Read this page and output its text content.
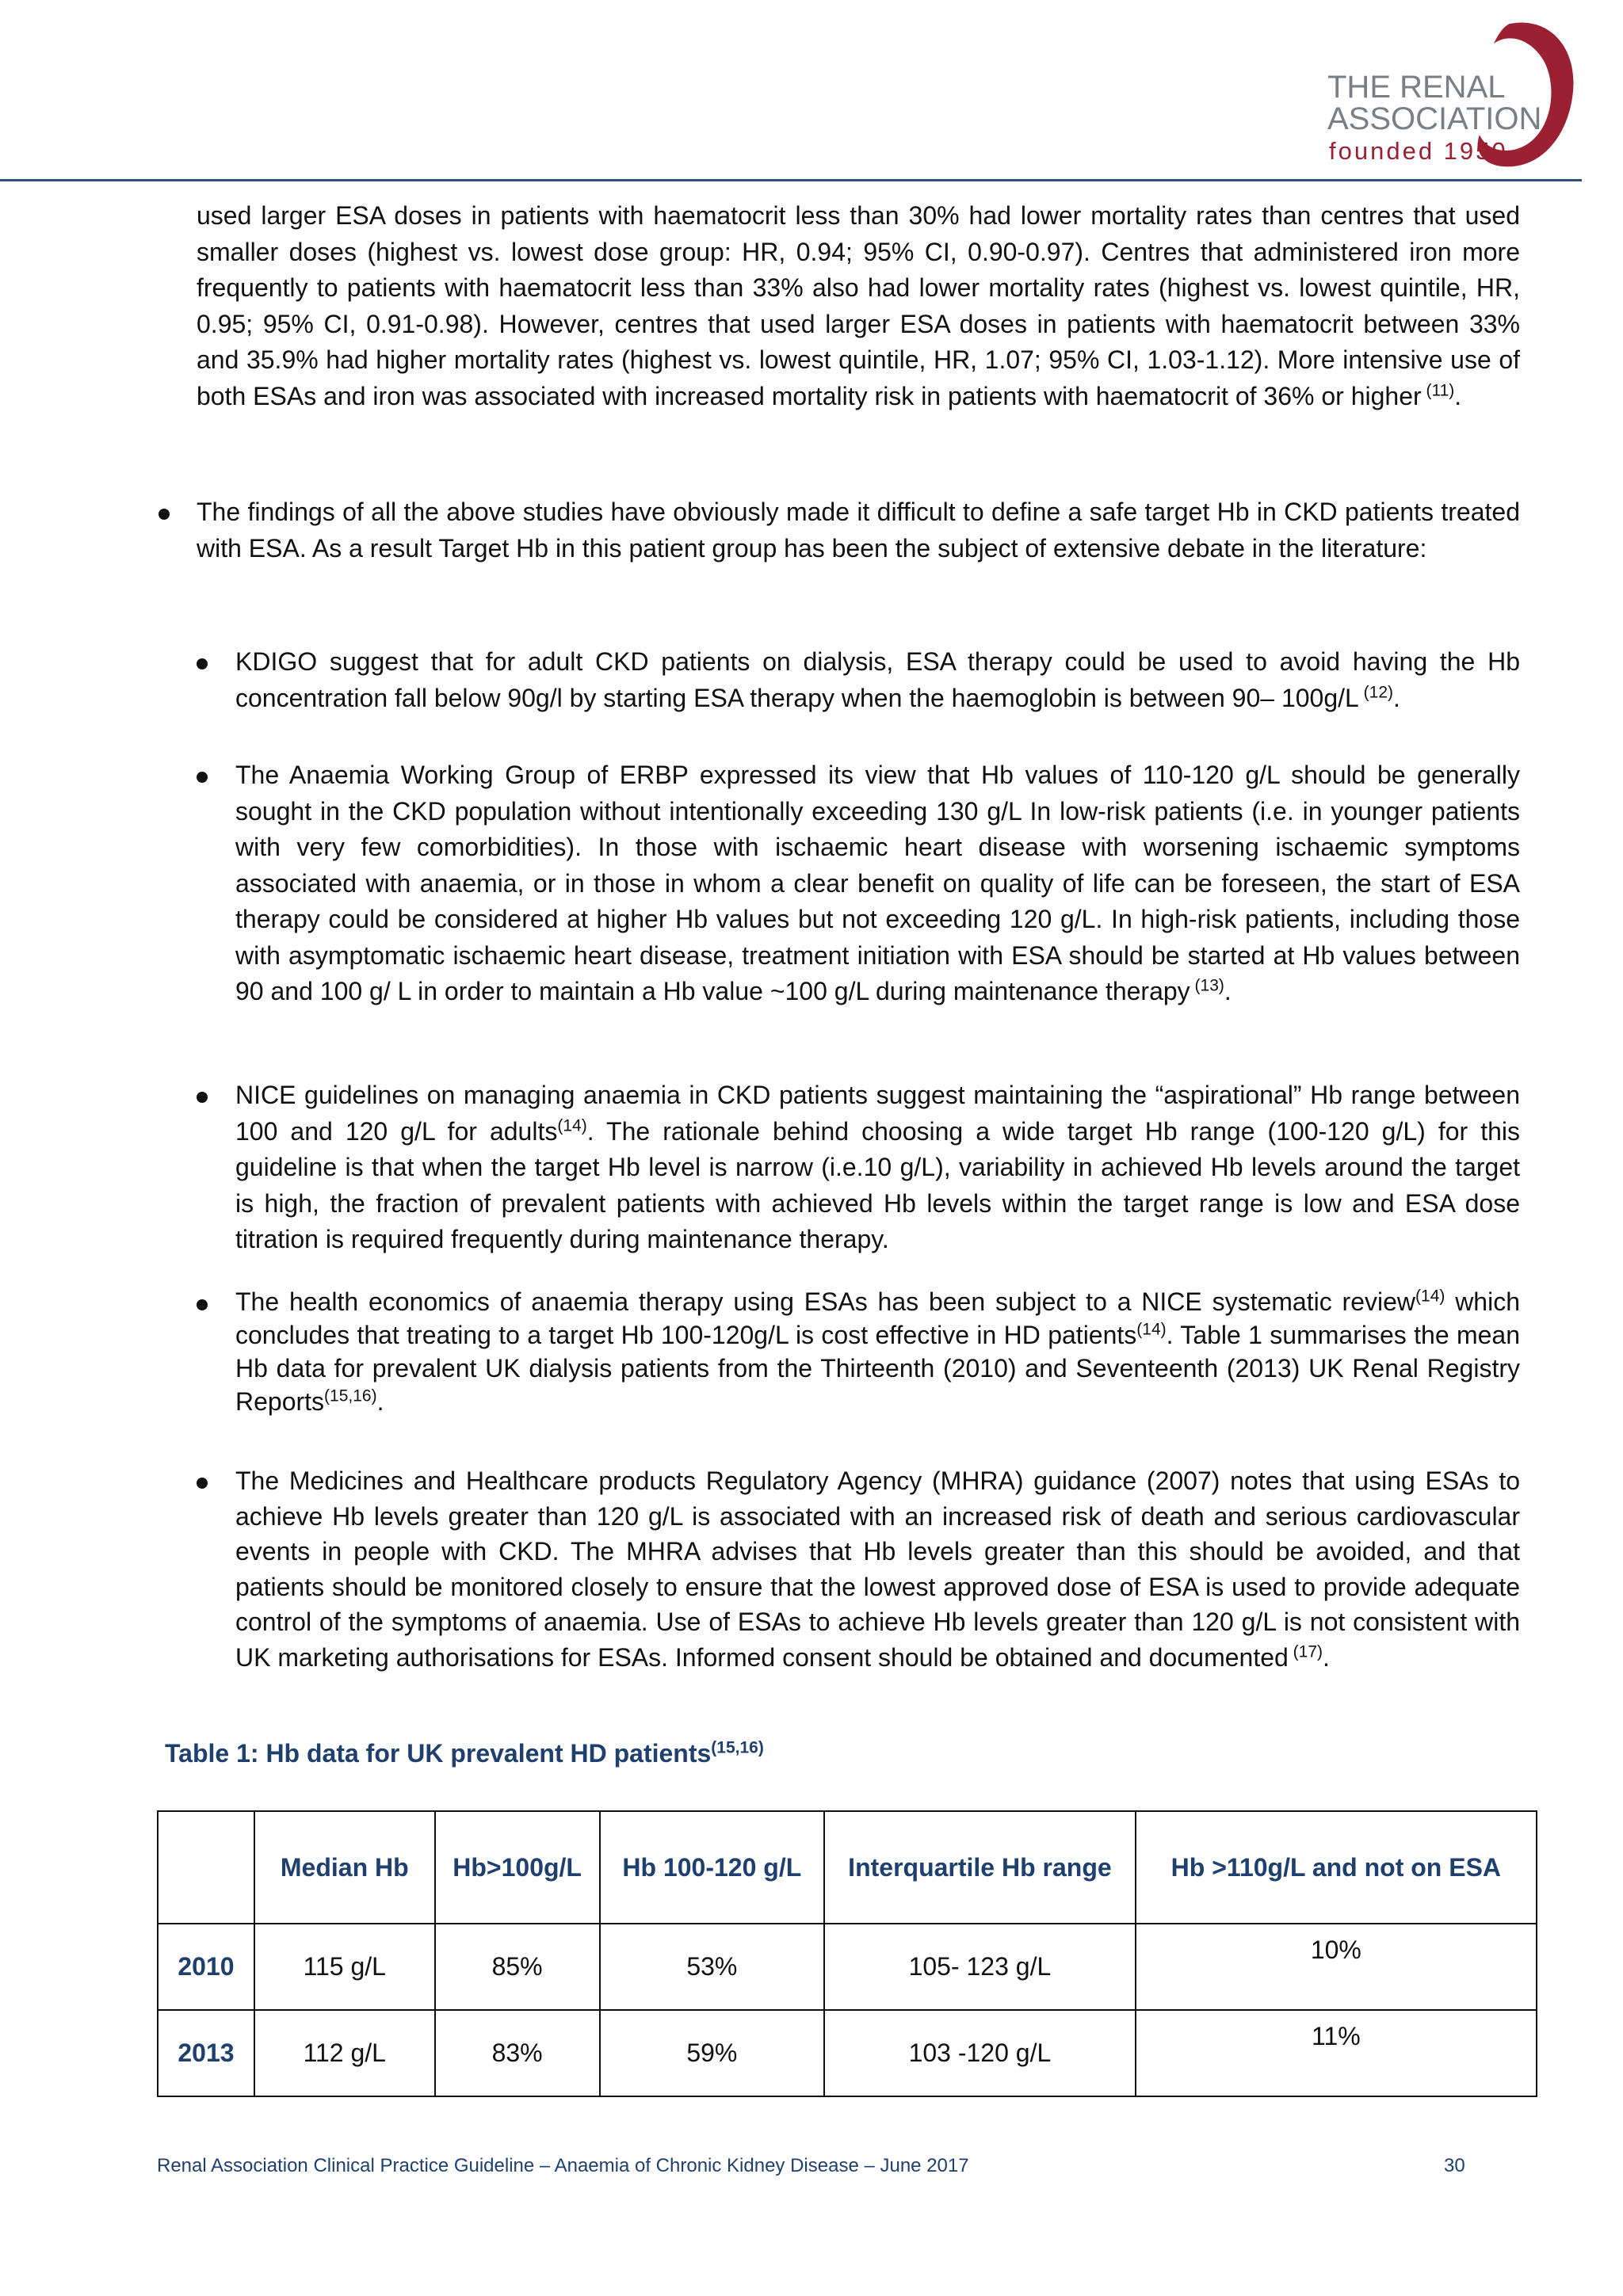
THE RENAL
ASSOCIATION
founded 1950
used larger ESA doses in patients with haematocrit less than 30% had lower mortality rates than centres that used smaller doses (highest vs. lowest dose group: HR, 0.94; 95% CI, 0.90-0.97). Centres that administered iron more frequently to patients with haematocrit less than 33% also had lower mortality rates (highest vs. lowest quintile, HR, 0.95; 95% CI, 0.91-0.98). However, centres that used larger ESA doses in patients with haematocrit between 33% and 35.9% had higher mortality rates (highest vs. lowest quintile, HR, 1.07; 95% CI, 1.03-1.12). More intensive use of both ESAs and iron was associated with increased mortality risk in patients with haematocrit of 36% or higher $^{(11)}$.
The findings of all the above studies have obviously made it difficult to define a safe target Hb in CKD patients treated with ESA. As a result Target Hb in this patient group has been the subject of extensive debate in the literature:
KDIGO suggest that for adult CKD patients on dialysis, ESA therapy could be used to avoid having the Hb concentration fall below 90g/l by starting ESA therapy when the haemoglobin is between 90– 100g/L $^{(12)}$.
The Anaemia Working Group of ERBP expressed its view that Hb values of 110-120 g/L should be generally sought in the CKD population without intentionally exceeding 130 g/L In low-risk patients (i.e. in younger patients with very few comorbidities). In those with ischaemic heart disease with worsening ischaemic symptoms associated with anaemia, or in those in whom a clear benefit on quality of life can be foreseen, the start of ESA therapy could be considered at higher Hb values but not exceeding 120 g/L. In high-risk patients, including those with asymptomatic ischaemic heart disease, treatment initiation with ESA should be started at Hb values between 90 and 100 g/ L in order to maintain a Hb value ~100 g/L during maintenance therapy $^{(13)}$.
NICE guidelines on managing anaemia in CKD patients suggest maintaining the “aspirational” Hb range between 100 and 120 g/L for adults$^{(14)}$. The rationale behind choosing a wide target Hb range (100-120 g/L) for this guideline is that when the target Hb level is narrow (i.e.10 g/L), variability in achieved Hb levels around the target is high, the fraction of prevalent patients with achieved Hb levels within the target range is low and ESA dose titration is required frequently during maintenance therapy.
The health economics of anaemia therapy using ESAs has been subject to a NICE systematic review$^{(14)}$ which concludes that treating to a target Hb 100-120g/L is cost effective in HD patients$^{(14)}$. Table 1 summarises the mean Hb data for prevalent UK dialysis patients from the Thirteenth (2010) and Seventeenth (2013) UK Renal Registry Reports$^{(15,16)}$.
The Medicines and Healthcare products Regulatory Agency (MHRA) guidance (2007) notes that using ESAs to achieve Hb levels greater than 120 g/L is associated with an increased risk of death and serious cardiovascular events in people with CKD. The MHRA advises that Hb levels greater than this should be avoided, and that patients should be monitored closely to ensure that the lowest approved dose of ESA is used to provide adequate control of the symptoms of anaemia. Use of ESAs to achieve Hb levels greater than 120 g/L is not consistent with UK marketing authorisations for ESAs. Informed consent should be obtained and documented $^{(17)}$.
Table 1: Hb data for UK prevalent HD patients$^{(15,16)}$
	Median Hb	Hb>100g/L	Hb 100-120 g/L	Interquartile Hb range	Hb >110g/L and not on ESA
2010	115 g/L	85%	53%	105- 123 g/L	10%
2013	112 g/L	83%	59%	103 -120 g/L	11%
Renal Association Clinical Practice Guideline – Anaemia of Chronic Kidney Disease – June 2017	30
